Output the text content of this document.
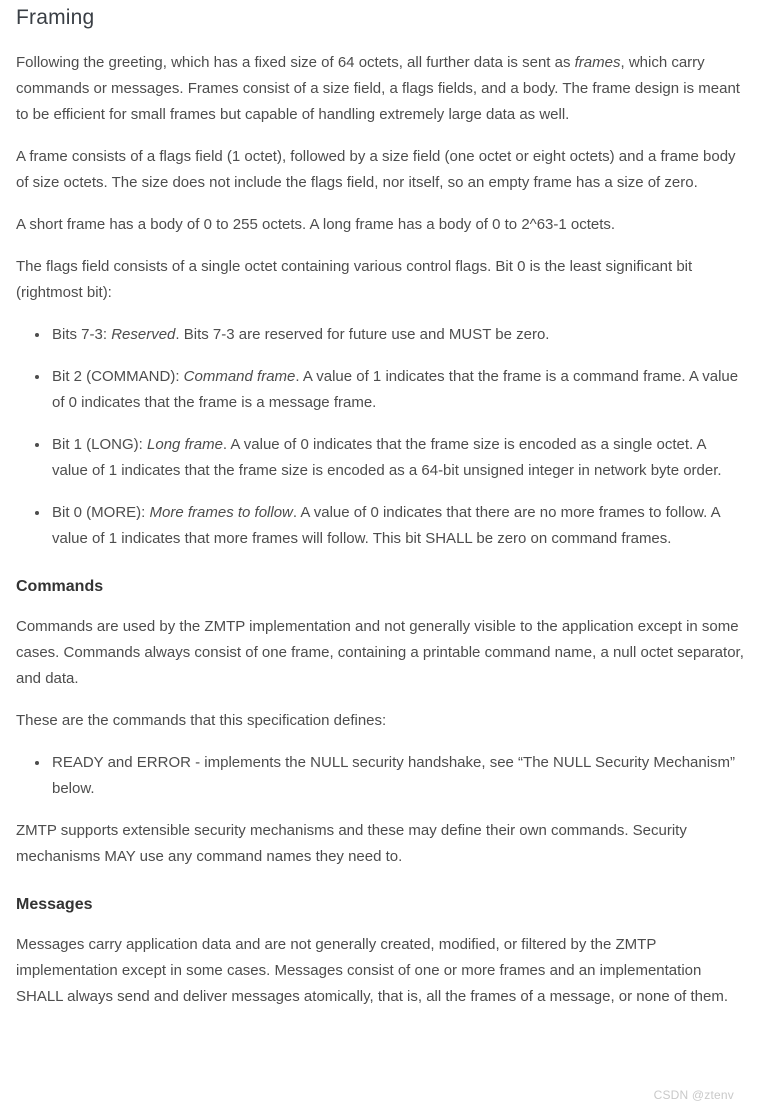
Framing

Following the greeting, which has a fixed size of 64 octets, all further data is sent as frames, which carry commands or messages. Frames consist of a size field, a flags fields, and a body. The frame design is meant to be efficient for small frames but capable of handling extremely large data as well.

A frame consists of a flags field (1 octet), followed by a size field (one octet or eight octets) and a frame body of size octets. The size does not include the flags field, nor itself, so an empty frame has a size of zero.

A short frame has a body of 0 to 255 octets. A long frame has a body of 0 to 2^63-1 octets.

The flags field consists of a single octet containing various control flags. Bit 0 is the least significant bit (rightmost bit):

• Bits 7-3: Reserved. Bits 7-3 are reserved for future use and MUST be zero.
• Bit 2 (COMMAND): Command frame. A value of 1 indicates that the frame is a command frame. A value of 0 indicates that the frame is a message frame.
• Bit 1 (LONG): Long frame. A value of 0 indicates that the frame size is encoded as a single octet. A value of 1 indicates that the frame size is encoded as a 64-bit unsigned integer in network byte order.
• Bit 0 (MORE): More frames to follow. A value of 0 indicates that there are no more frames to follow. A value of 1 indicates that more frames will follow. This bit SHALL be zero on command frames.
Commands

Commands are used by the ZMTP implementation and not generally visible to the application except in some cases. Commands always consist of one frame, containing a printable command name, a null octet separator, and data.

These are the commands that this specification defines:

• READY and ERROR - implements the NULL security handshake, see “The NULL Security Mechanism” below.

ZMTP supports extensible security mechanisms and these may define their own commands. Security mechanisms MAY use any command names they need to.

Messages

Messages carry application data and are not generally created, modified, or filtered by the ZMTP implementation except in some cases. Messages consist of one or more frames and an implementation SHALL always send and deliver messages atomically, that is, all the frames of a message, or none of them.

CSDN @ztenv
